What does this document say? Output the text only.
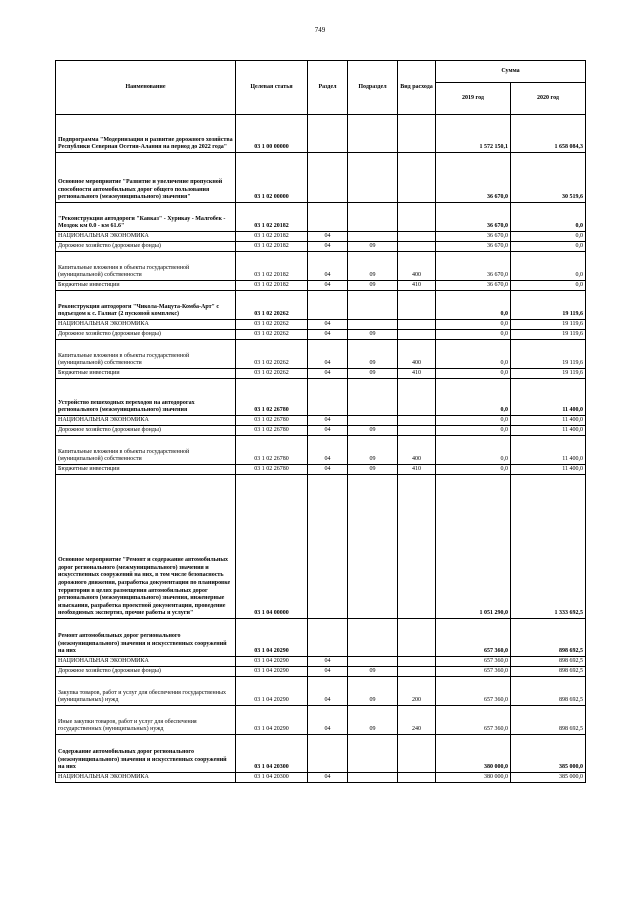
749
Наименование	Целевая статья	Раздел	Подраздел	Вид расхода	Сумма	
					2019 год	2020 год
Подпрограмма "Модернизация и развитие дорожного хозяйства Республики Северная Осетия-Алания на период до 2022 года"	03 1 00 00000				1 572 150,1	1 658 084,3
Основное мероприятие "Развитие и увеличение пропускной способности автомобильных дорог общего пользования регионального (межмуниципального) значения"	03 1 02 00000				36 670,0	30 519,6
"Реконструкция автодороги "Кавказ" - Хурикау - Малгобек - Моздок км 0.0 - км 61.6"	03 1 02 20182				36 670,0	0,0
НАЦИОНАЛЬНАЯ ЭКОНОМИКА	03 1 02 20182	04			36 670,0	0,0
Дорожное хозяйство (дорожные фонды)	03 1 02 20182	04	09		36 670,0	0,0
Капитальные вложения в объекты государственной (муниципальной) собственности	03 1 02 20182	04	09	400	36 670,0	0,0
Бюджетные инвестиции	03 1 02 20182	04	09	410	36 670,0	0,0
Реконструкция автодороги "Чикола-Мацута-Комба-Арт" с подъездом к с. Галиат (2 пусковой комплекс)	03 1 02 20262				0,0	19 119,6
НАЦИОНАЛЬНАЯ ЭКОНОМИКА	03 1 02 20262	04			0,0	19 119,6
Дорожное хозяйство (дорожные фонды)	03 1 02 20262	04	09		0,0	19 119,6
Капитальные вложения в объекты государственной (муниципальной) собственности	03 1 02 20262	04	09	400	0,0	19 119,6
Бюджетные инвестиции	03 1 02 20262	04	09	410	0,0	19 119,6
Устройство пешеходных переходов на автодорогах регионального (межмуниципального) значения	03 1 02 26780				0,0	11 400,0
НАЦИОНАЛЬНАЯ ЭКОНОМИКА	03 1 02 26780	04			0,0	11 400,0
Дорожное хозяйство (дорожные фонды)	03 1 02 26780	04	09		0,0	11 400,0
Капитальные вложения в объекты государственной (муниципальной) собственности	03 1 02 26780	04	09	400	0,0	11 400,0
Бюджетные инвестиции	03 1 02 26780	04	09	410	0,0	11 400,0
Основное мероприятие "Ремонт и содержание автомобильных дорог регионального (межмуниципального) значения и искусственных сооружений на них, в том числе безопасность дорожного движения, разработка документации по планировке территории в целях размещения автомобильных дорог регионального (межмуниципального) значения, инженерные изыскания, разработка проектной документации, проведение необходимых экспертиз, прочие работы и услуги"	03 1 04 00000				1 051 290,0	1 333 692,5
Ремонт автомобильных дорог регионального (межмуниципального) значения и искусственных сооружений на них	03 1 04 20290				657 360,0	898 692,5
НАЦИОНАЛЬНАЯ ЭКОНОМИКА	03 1 04 20290	04			657 360,0	898 692,5
Дорожное хозяйство (дорожные фонды)	03 1 04 20290	04	09		657 360,0	898 692,5
Закупка товаров, работ и услуг для обеспечения государственных (муниципальных) нужд	03 1 04 20290	04	09	200	657 360,0	898 692,5
Иные закупки товаров, работ и услуг для обеспечения государственных (муниципальных) нужд	03 1 04 20290	04	09	240	657 360,0	898 692,5
Содержание автомобильных дорог регионального (межмуниципального) значения и искусственных сооружений на них	03 1 04 20300				380 000,0	385 000,0
НАЦИОНАЛЬНАЯ ЭКОНОМИКА	03 1 04 20300	04			380 000,0	385 000,0
